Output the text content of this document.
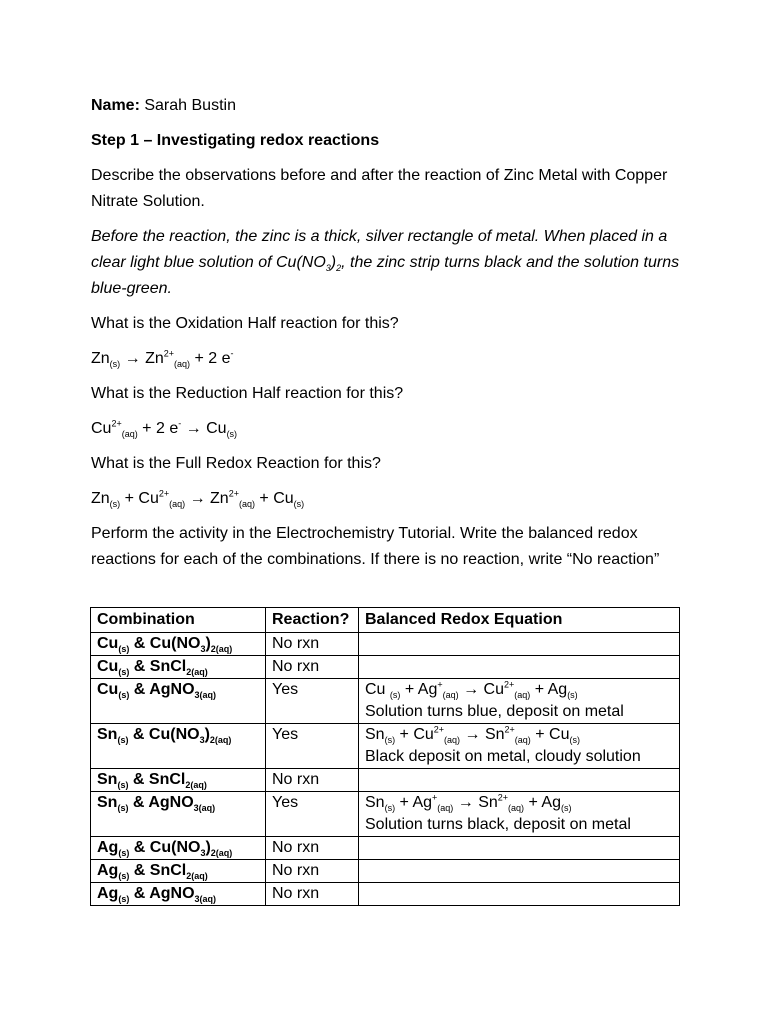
Name: Sarah Bustin

Step 1 – Investigating redox reactions

Describe the observations before and after the reaction of Zinc Metal with Copper Nitrate Solution.

Before the reaction, the zinc is a thick, silver rectangle of metal. When placed in a clear light blue solution of $Cu(NO_3)_2$, the zinc strip turns black and the solution turns blue-green.

What is the Oxidation Half reaction for this?

$Zn_{(s)} \to Zn^{2+}_{(aq)} + 2$ e-

What is the Reduction Half reaction for this?

$Cu^{2+}_{(aq)} + 2$ $e^- \to Cu_{(s)}$

What is the Full Redox Reaction for this?

$Zn_{(s)} + Cu^{2+}_{(aq)} \to Zn^{2+}_{(aq)} + Cu_{(s)}$

Perform the activity in the Electrochemistry Tutorial. Write the balanced redox reactions for each of the combinations. If there is no reaction, write “No reaction”

Combination	Reaction?	Balanced Redox Equation
$Cu_{(s)}$ & $Cu(NO_3)_{2(aq)}$	No rxn	
$Cu_{(s)}$ & SnCl$_{2(aq)}$	No rxn	
$Cu_{(s)}$ & AgNO$_{3(aq)}$	Yes	Cu $_{(s)} + Ag^+_{(aq)} \to Cu^{2+}_{(aq)} + Ag_{(s)}$
Solution turns blue, deposit on metal
$Sn_{(s)}$ & $Cu(NO_3)_{2(aq)}$	Yes	$Sn_{(s)} + Cu^{2+}_{(aq)} \to Sn^{2+}_{(aq)} + Cu_{(s)}$
Black deposit on metal, cloudy solution
$Sn_{(s)}$ & SnCl$_{2(aq)}$	No rxn	
$Sn_{(s)}$ & AgNO$_{3(aq)}$	Yes	$Sn_{(s)} + Ag^+_{(aq)} \to Sn^{2+}_{(aq)} + Ag_{(s)}$
Solution turns black, deposit on metal
$Ag_{(s)}$ & $Cu(NO_3)_{2(aq)}$	No rxn	
$Ag_{(s)}$ & SnCl$_{2(aq)}$	No rxn	
$Ag_{(s)}$ & AgNO$_{3(aq)}$	No rxn	
